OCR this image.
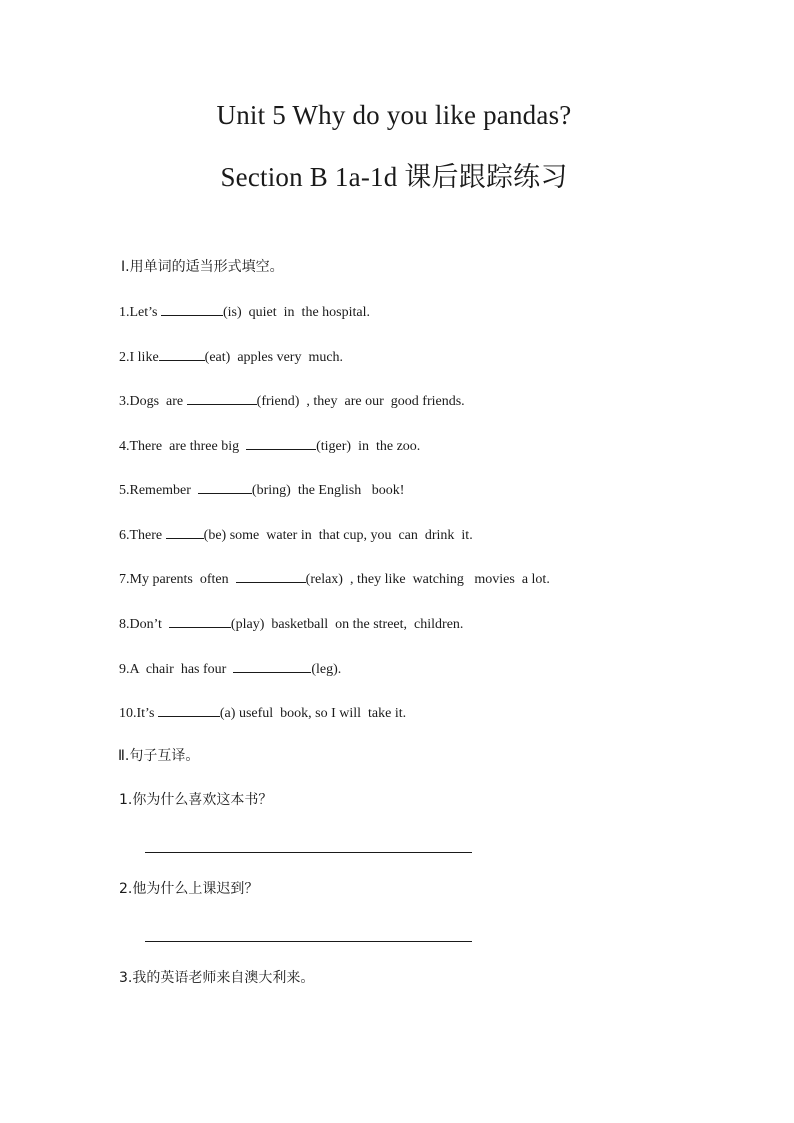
Unit 5 Why do you like pandas?
Section B 1a-1d 课后跟踪练习
Ⅰ.用单词的适当形式填空。
1.Let’s	(is)  quiet  in  the hospital.
2.I like	(eat)  apples very  much.
3.Dogs  are	(friend)  , they  are our  good friends.
4.There  are three big	(tiger)  in  the zoo.
5.Remember	(bring)  the English   book!
6.There	(be) some  water in  that cup, you  can  drink  it.
7.My parents  often	(relax)  , they like  watching   movies  a lot.
8.Don’t	(play)  basketball  on the street,  children.
9.A  chair  has four	(leg).
10.It’s	(a) useful  book, so I will  take it.
Ⅱ.句子互译。
1.你为什么喜欢这本书？
2.他为什么上课迟到？
3.我的英语老师来自澳大利来。
